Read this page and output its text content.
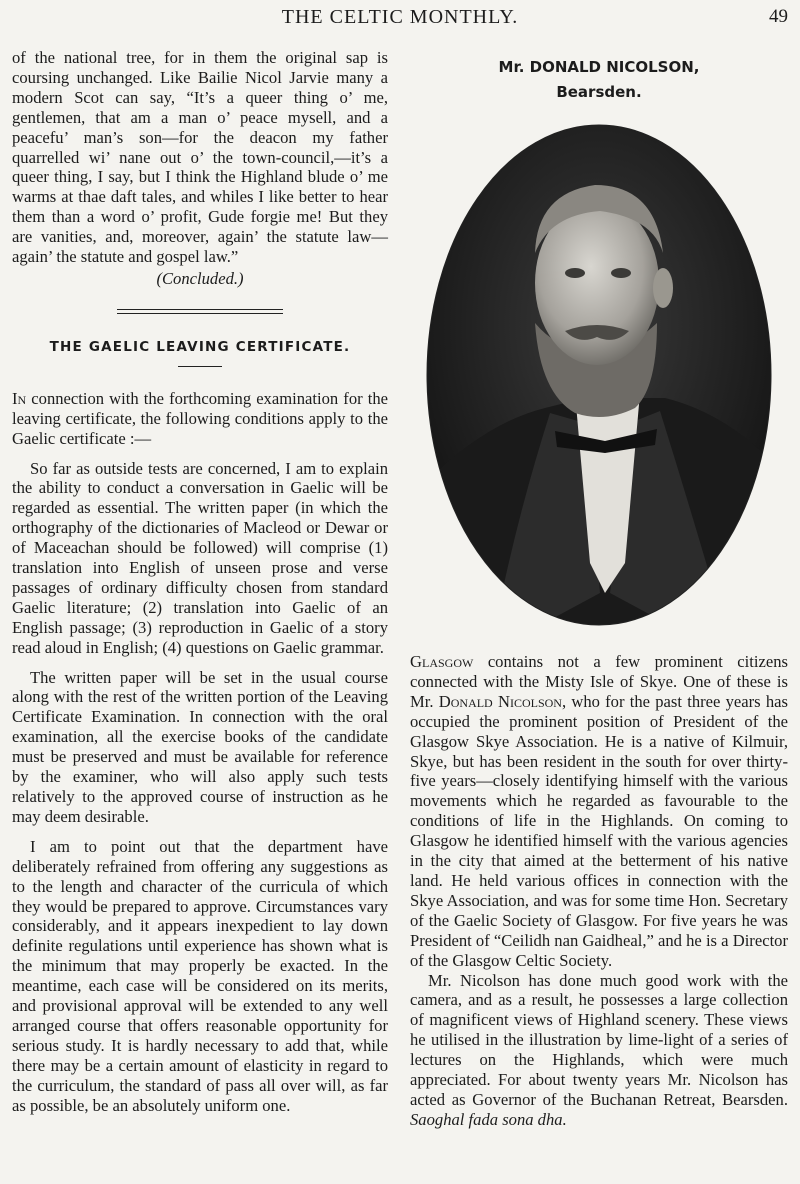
THE CELTIC MONTHLY.	49

of the national tree, for in them the original sap is coursing unchanged. Like Bailie Nicol Jarvie many a modern Scot can say, “It’s a queer thing o’ me, gentlemen, that am a man o’ peace mysell, and a peacefu’ man’s son—for the deacon my father quarrelled wi’ nane out o’ the town-council,—it’s a queer thing, I say, but I think the Highland blude o’ me warms at thae daft tales, and whiles I like better to hear them than a word o’ profit, Gude forgie me! But they are vanities, and, moreover, again’ the statute law—again’ the statute and gospel law.”

(Concluded.)

THE GAELIC LEAVING CERTIFICATE.

In connection with the forthcoming examination for the leaving certificate, the following conditions apply to the Gaelic certificate :—

So far as outside tests are concerned, I am to explain the ability to conduct a conversation in Gaelic will be regarded as essential. The written paper (in which the orthography of the dictionaries of Macleod or Dewar or of Maceachan should be followed) will comprise (1) translation into English of unseen prose and verse passages of ordinary difficulty chosen from standard Gaelic literature; (2) translation into Gaelic of an English passage; (3) reproduction in Gaelic of a story read aloud in English; (4) questions on Gaelic grammar.

The written paper will be set in the usual course along with the rest of the written portion of the Leaving Certificate Examination. In connection with the oral examination, all the exercise books of the candidate must be preserved and must be available for reference by the examiner, who will also apply such tests relatively to the approved course of instruction as he may deem desirable.

I am to point out that the department have deliberately refrained from offering any suggestions as to the length and character of the curricula of which they would be prepared to approve. Circumstances vary considerably, and it appears inexpedient to lay down definite regulations until experience has shown what is the minimum that may properly be exacted. In the meantime, each case will be considered on its merits, and provisional approval will be extended to any well arranged course that offers reasonable opportunity for serious study. It is hardly necessary to add that, while there may be a certain amount of elasticity in regard to the curriculum, the standard of pass all over will, as far as possible, be an absolutely uniform one.

Mr. DONALD NICOLSON,
Bearsden.

Glasgow contains not a few prominent citizens connected with the Misty Isle of Skye. One of these is Mr. Donald Nicolson, who for the past three years has occupied the prominent position of President of the Glasgow Skye Association. He is a native of Kilmuir, Skye, but has been resident in the south for over thirty-five years—closely identifying himself with the various movements which he regarded as favourable to the conditions of life in the Highlands. On coming to Glasgow he identified himself with the various agencies in the city that aimed at the betterment of his native land. He held various offices in connection with the Skye Association, and was for some time Hon. Secretary of the Gaelic Society of Glasgow. For five years he was President of “Ceilidh nan Gaidheal,” and he is a Director of the Glasgow Celtic Society.

Mr. Nicolson has done much good work with the camera, and as a result, he possesses a large collection of magnificent views of Highland scenery. These views he utilised in the illustration by lime-light of a series of lectures on the Highlands, which were much appreciated. For about twenty years Mr. Nicolson has acted as Governor of the Buchanan Retreat, Bearsden. Saoghal fada sona dha.
